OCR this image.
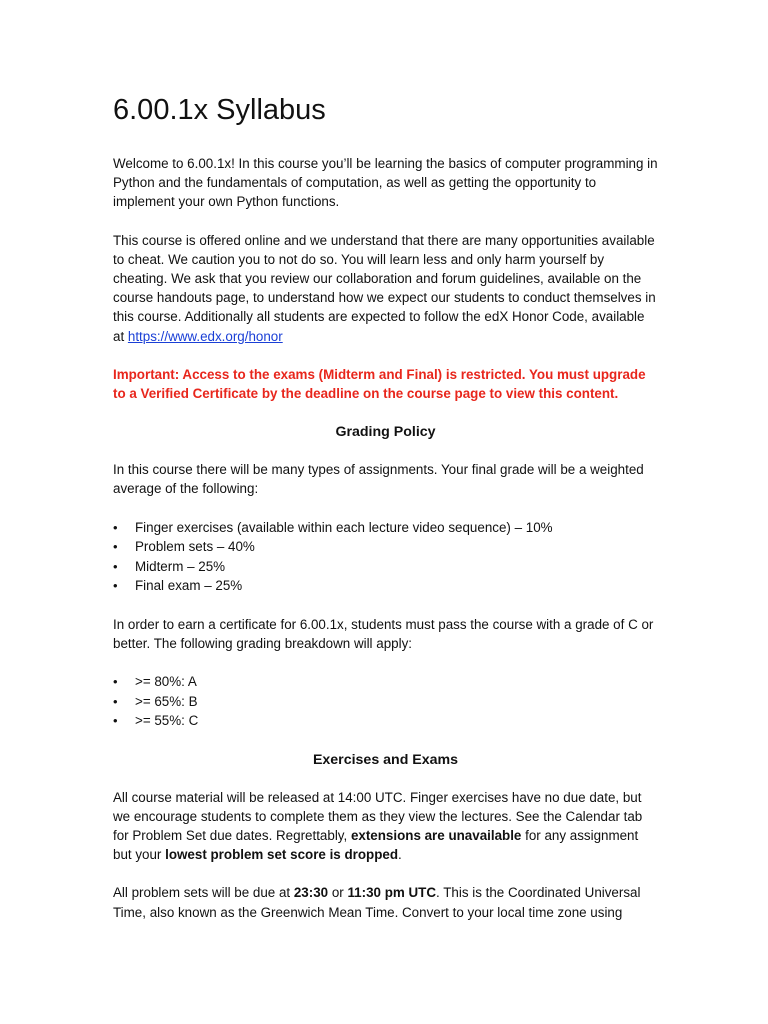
6.00.1x Syllabus

Welcome to 6.00.1x! In this course you’ll be learning the basics of computer programming in Python and the fundamentals of computation, as well as getting the opportunity to implement your own Python functions.

This course is offered online and we understand that there are many opportunities available to cheat. We caution you to not do so. You will learn less and only harm yourself by cheating. We ask that you review our collaboration and forum guidelines, available on the course handouts page, to understand how we expect our students to conduct themselves in this course. Additionally all students are expected to follow the edX Honor Code, available at https://www.edx.org/honor

Important: Access to the exams (Midterm and Final) is restricted. You must upgrade to a Verified Certificate by the deadline on the course page to view this content.

Grading Policy

In this course there will be many types of assignments. Your final grade will be a weighted average of the following:

• Finger exercises (available within each lecture video sequence) – 10%
• Problem sets – 40%
• Midterm – 25%
• Final exam – 25%

In order to earn a certificate for 6.00.1x, students must pass the course with a grade of C or better. The following grading breakdown will apply:

• >= 80%: A
• >= 65%: B
• >= 55%: C
Exercises and Exams

All course material will be released at 14:00 UTC. Finger exercises have no due date, but we encourage students to complete them as they view the lectures. See the Calendar tab for Problem Set due dates. Regrettably, extensions are unavailable for any assignment but your lowest problem set score is dropped.

All problem sets will be due at 23:30 or 11:30 pm UTC. This is the Coordinated Universal Time, also known as the Greenwich Mean Time. Convert to your local time zone using
